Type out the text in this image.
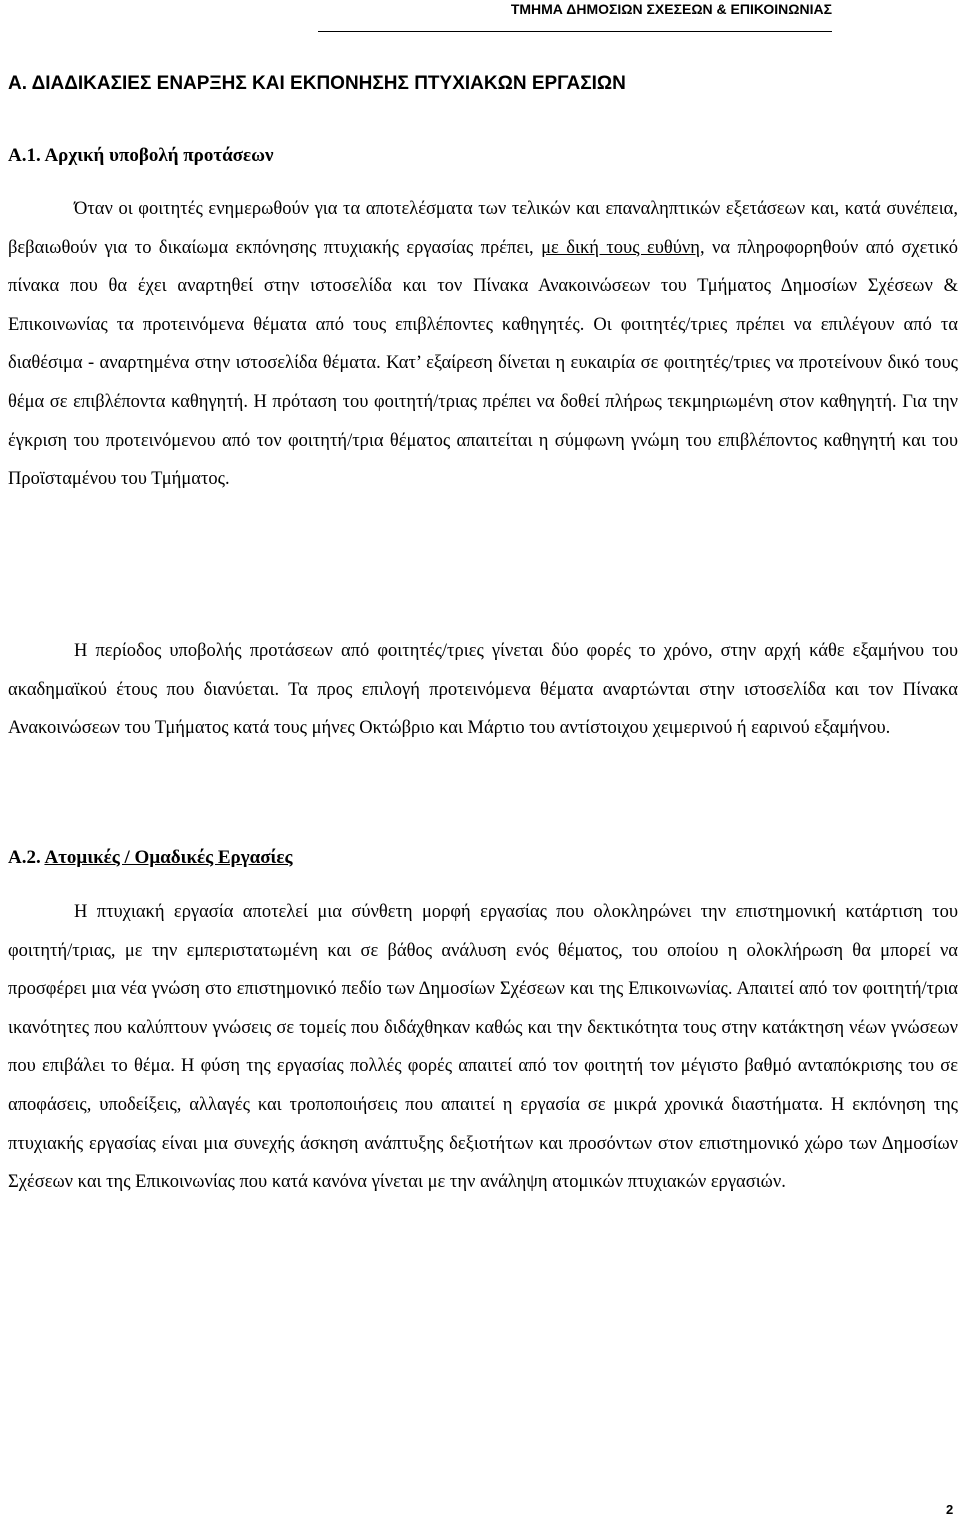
ΤΜΗΜΑ ΔΗΜΟΣΙΩΝ ΣΧΕΣΕΩΝ & ΕΠΙΚΟΙΝΩΝΙΑΣ
Α. ΔΙΑΔΙΚΑΣΙΕΣ ΕΝΑΡΞΗΣ ΚΑΙ ΕΚΠΟΝΗΣΗΣ ΠΤΥΧΙΑΚΩΝ ΕΡΓΑΣΙΩΝ
Α.1. Αρχική υποβολή προτάσεων

Όταν οι φοιτητές ενημερωθούν για τα αποτελέσματα των τελικών και επαναληπτικών εξετάσεων και, κατά συνέπεια, βεβαιωθούν για το δικαίωμα εκπόνησης πτυχιακής εργασίας πρέπει, με δική τους ευθύνη, να πληροφορηθούν από σχετικό πίνακα που θα έχει αναρτηθεί στην ιστοσελίδα και τον Πίνακα Ανακοινώσεων του Τμήματος Δημοσίων Σχέσεων & Επικοινωνίας τα προτεινόμενα θέματα από τους επιβλέποντες καθηγητές. Οι φοιτητές/τριες πρέπει να επιλέγουν από τα διαθέσιμα - αναρτημένα στην ιστοσελίδα θέματα. Κατ’ εξαίρεση δίνεται η ευκαιρία σε φοιτητές/τριες να προτείνουν δικό τους θέμα σε επιβλέποντα καθηγητή. Η πρόταση του φοιτητή/τριας πρέπει να δοθεί πλήρως τεκμηριωμένη στον καθηγητή. Για την έγκριση του προτεινόμενου από τον φοιτητή/τρια θέματος απαιτείται η σύμφωνη γνώμη του επιβλέποντος καθηγητή και του Προϊσταμένου του Τμήματος.

Η περίοδος υποβολής προτάσεων από φοιτητές/τριες γίνεται δύο φορές το χρόνο, στην αρχή κάθε εξαμήνου του ακαδημαϊκού έτους που διανύεται. Τα προς επιλογή προτεινόμενα θέματα αναρτώνται στην ιστοσελίδα και τον Πίνακα Ανακοινώσεων του Τμήματος κατά τους μήνες Οκτώβριο και Μάρτιο του αντίστοιχου χειμερινού ή εαρινού εξαμήνου.

Α.2. Ατομικές / Ομαδικές Εργασίες

Η πτυχιακή εργασία αποτελεί μια σύνθετη μορφή εργασίας που ολοκληρώνει την επιστημονική κατάρτιση του φοιτητή/τριας, με την εμπεριστατωμένη και σε βάθος ανάλυση ενός θέματος, του οποίου η ολοκλήρωση θα μπορεί να προσφέρει μια νέα γνώση στο επιστημονικό πεδίο των Δημοσίων Σχέσεων και της Επικοινωνίας. Απαιτεί από τον φοιτητή/τρια ικανότητες που καλύπτουν γνώσεις σε τομείς που διδάχθηκαν καθώς και την δεκτικότητα τους στην κατάκτηση νέων γνώσεων που επιβάλει το θέμα. Η φύση της εργασίας πολλές φορές απαιτεί από τον φοιτητή τον μέγιστο βαθμό ανταπόκρισης του σε αποφάσεις, υποδείξεις, αλλαγές και τροποποιήσεις που απαιτεί η εργασία σε μικρά χρονικά διαστήματα. Η εκπόνηση της πτυχιακής εργασίας είναι μια συνεχής άσκηση ανάπτυξης δεξιοτήτων και προσόντων στον επιστημονικό χώρο των Δημοσίων Σχέσεων και της Επικοινωνίας που κατά κανόνα γίνεται με την ανάληψη ατομικών πτυχιακών εργασιών.

2
